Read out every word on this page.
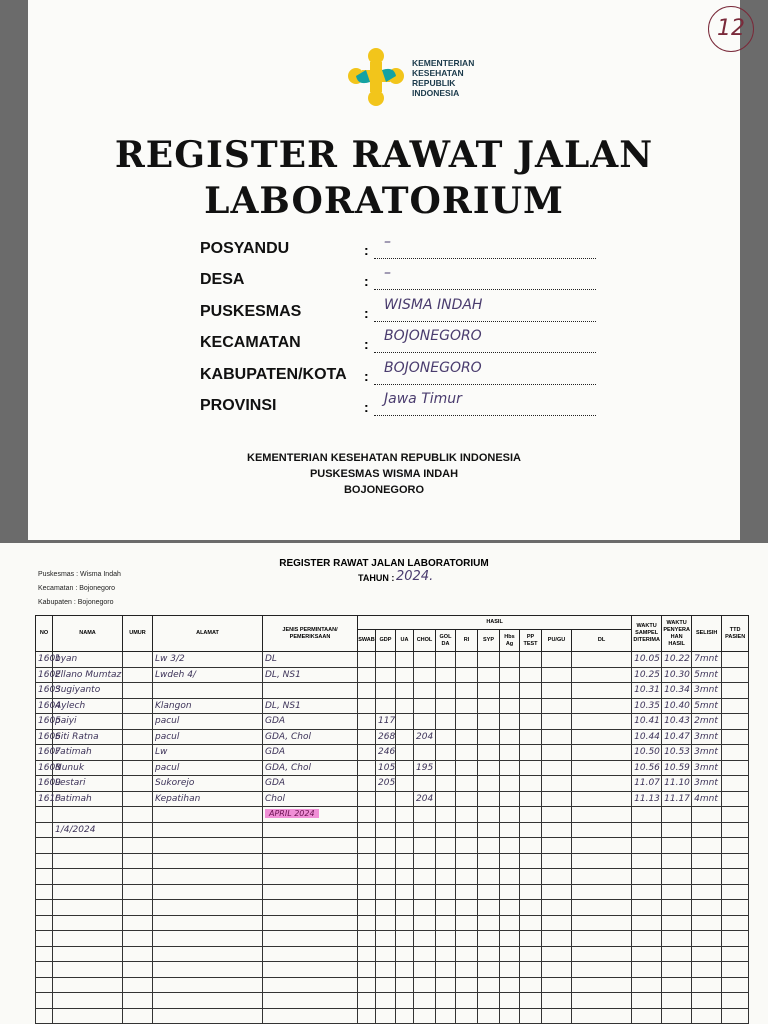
12
KEMENTERIAN
KESEHATAN
REPUBLIK
INDONESIA
REGISTER RAWAT JALAN
LABORATORIUM
POSYANDU	: –
DESA	: –
PUSKESMAS	: WISMA INDAH
KECAMATAN	: BOJONEGORO
KABUPATEN/KOTA : BOJONEGORO
PROVINSI	: Jawa Timur
KEMENTERIAN KESEHATAN REPUBLIK INDONESIA
PUSKESMAS WISMA INDAH
BOJONEGORO
REGISTER RAWAT JALAN LABORATORIUM
TAHUN : 2024.
Puskesmas : Wisma Indah
Kecamatan : Bojonegoro
Kabupaten : Bojonegoro
NO	NAMA	UMUR	ALAMAT	JENIS PERMINTAAN/ PEMERIKSAAN	HASIL											WAKTU SAMPEL DITERIMA	WAKTU PENYERA HAN HASIL	SELISIH	TTD PASIEN
					SWAB	GDP	UA	CHOL	GOL DA	RI	SYP	Hbs Ag	PP TEST	PU/GU	DL				
1601	byan		Lw 3/2	DL												10.05	10.22	7mnt	
1602	Ellano Mumtaz		Lwdeh 4/	DL, NS1												10.25	10.30	5mnt	
1603	Sugiyanto															10.31	10.34	3mnt	
1604	Aylech		Klangon	DL, NS1												10.35	10.40	5mnt	
1605	paiyi		pacul	GDA		117										10.41	10.43	2mnt	
1606	Siti Ratna		pacul	GDA, Chol		268		204								10.44	10.47	3mnt	
1607	Fatimah		Lw	GDA		246										10.50	10.53	3mnt	
1608	Nunuk		pacul	GDA, Chol		105		195								10.56	10.59	3mnt	
1609	Lestari		Sukorejo	GDA		205										11.07	11.10	3mnt	
1610	Fatimah		Kepatihan	Chol				204								11.13	11.17	4mnt	
				APRIL 2024															
	1/4/2024																		
